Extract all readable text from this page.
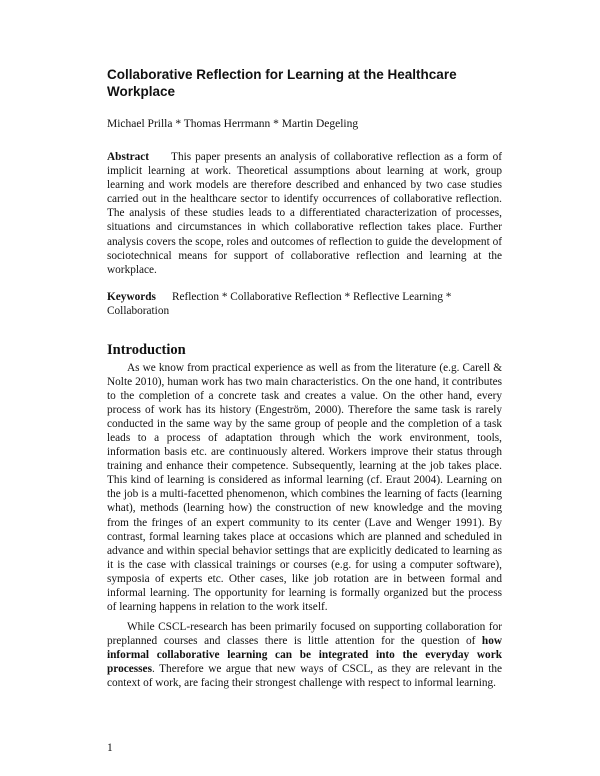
Collaborative Reflection for Learning at the Healthcare Workplace
Michael Prilla * Thomas Herrmann * Martin Degeling
Abstract This paper presents an analysis of collaborative reflection as a form of implicit learning at work. Theoretical assumptions about learning at work, group learning and work models are therefore described and enhanced by two case studies carried out in the healthcare sector to identify occurrences of collaborative reflection. The analysis of these studies leads to a differentiated characterization of processes, situations and circumstances in which collaborative reflection takes place. Further analysis covers the scope, roles and outcomes of reflection to guide the development of sociotechnical means for support of collaborative reflection and learning at the workplace.
Keywords Reflection * Collaborative Reflection * Reflective Learning * Collaboration
Introduction

As we know from practical experience as well as from the literature (e.g. Carell & Nolte 2010), human work has two main characteristics. On the one hand, it contributes to the completion of a concrete task and creates a value. On the other hand, every process of work has its history (Engeström, 2000). Therefore the same task is rarely conducted in the same way by the same group of people and the completion of a task leads to a process of adaptation through which the work environment, tools, information basis etc. are continuously altered. Workers improve their status through training and enhance their competence. Subsequently, learning at the job takes place. This kind of learning is considered as informal learning (cf. Eraut 2004). Learning on the job is a multi-facetted phenomenon, which combines the learning of facts (learning what), methods (learning how) the construction of new knowledge and the moving from the fringes of an expert community to its center (Lave and Wenger 1991). By contrast, formal learning takes place at occasions which are planned and scheduled in advance and within special behavior settings that are explicitly dedicated to learning as it is the case with classical trainings or courses (e.g. for using a computer software), symposia of experts etc. Other cases, like job rotation are in between formal and informal learning. The opportunity for learning is formally organized but the process of learning happens in relation to the work itself.

While CSCL-research has been primarily focused on supporting collaboration for preplanned courses and classes there is little attention for the question of how informal collaborative learning can be integrated into the everyday work processes. Therefore we argue that new ways of CSCL, as they are relevant in the context of work, are facing their strongest challenge with respect to informal learning.

1
